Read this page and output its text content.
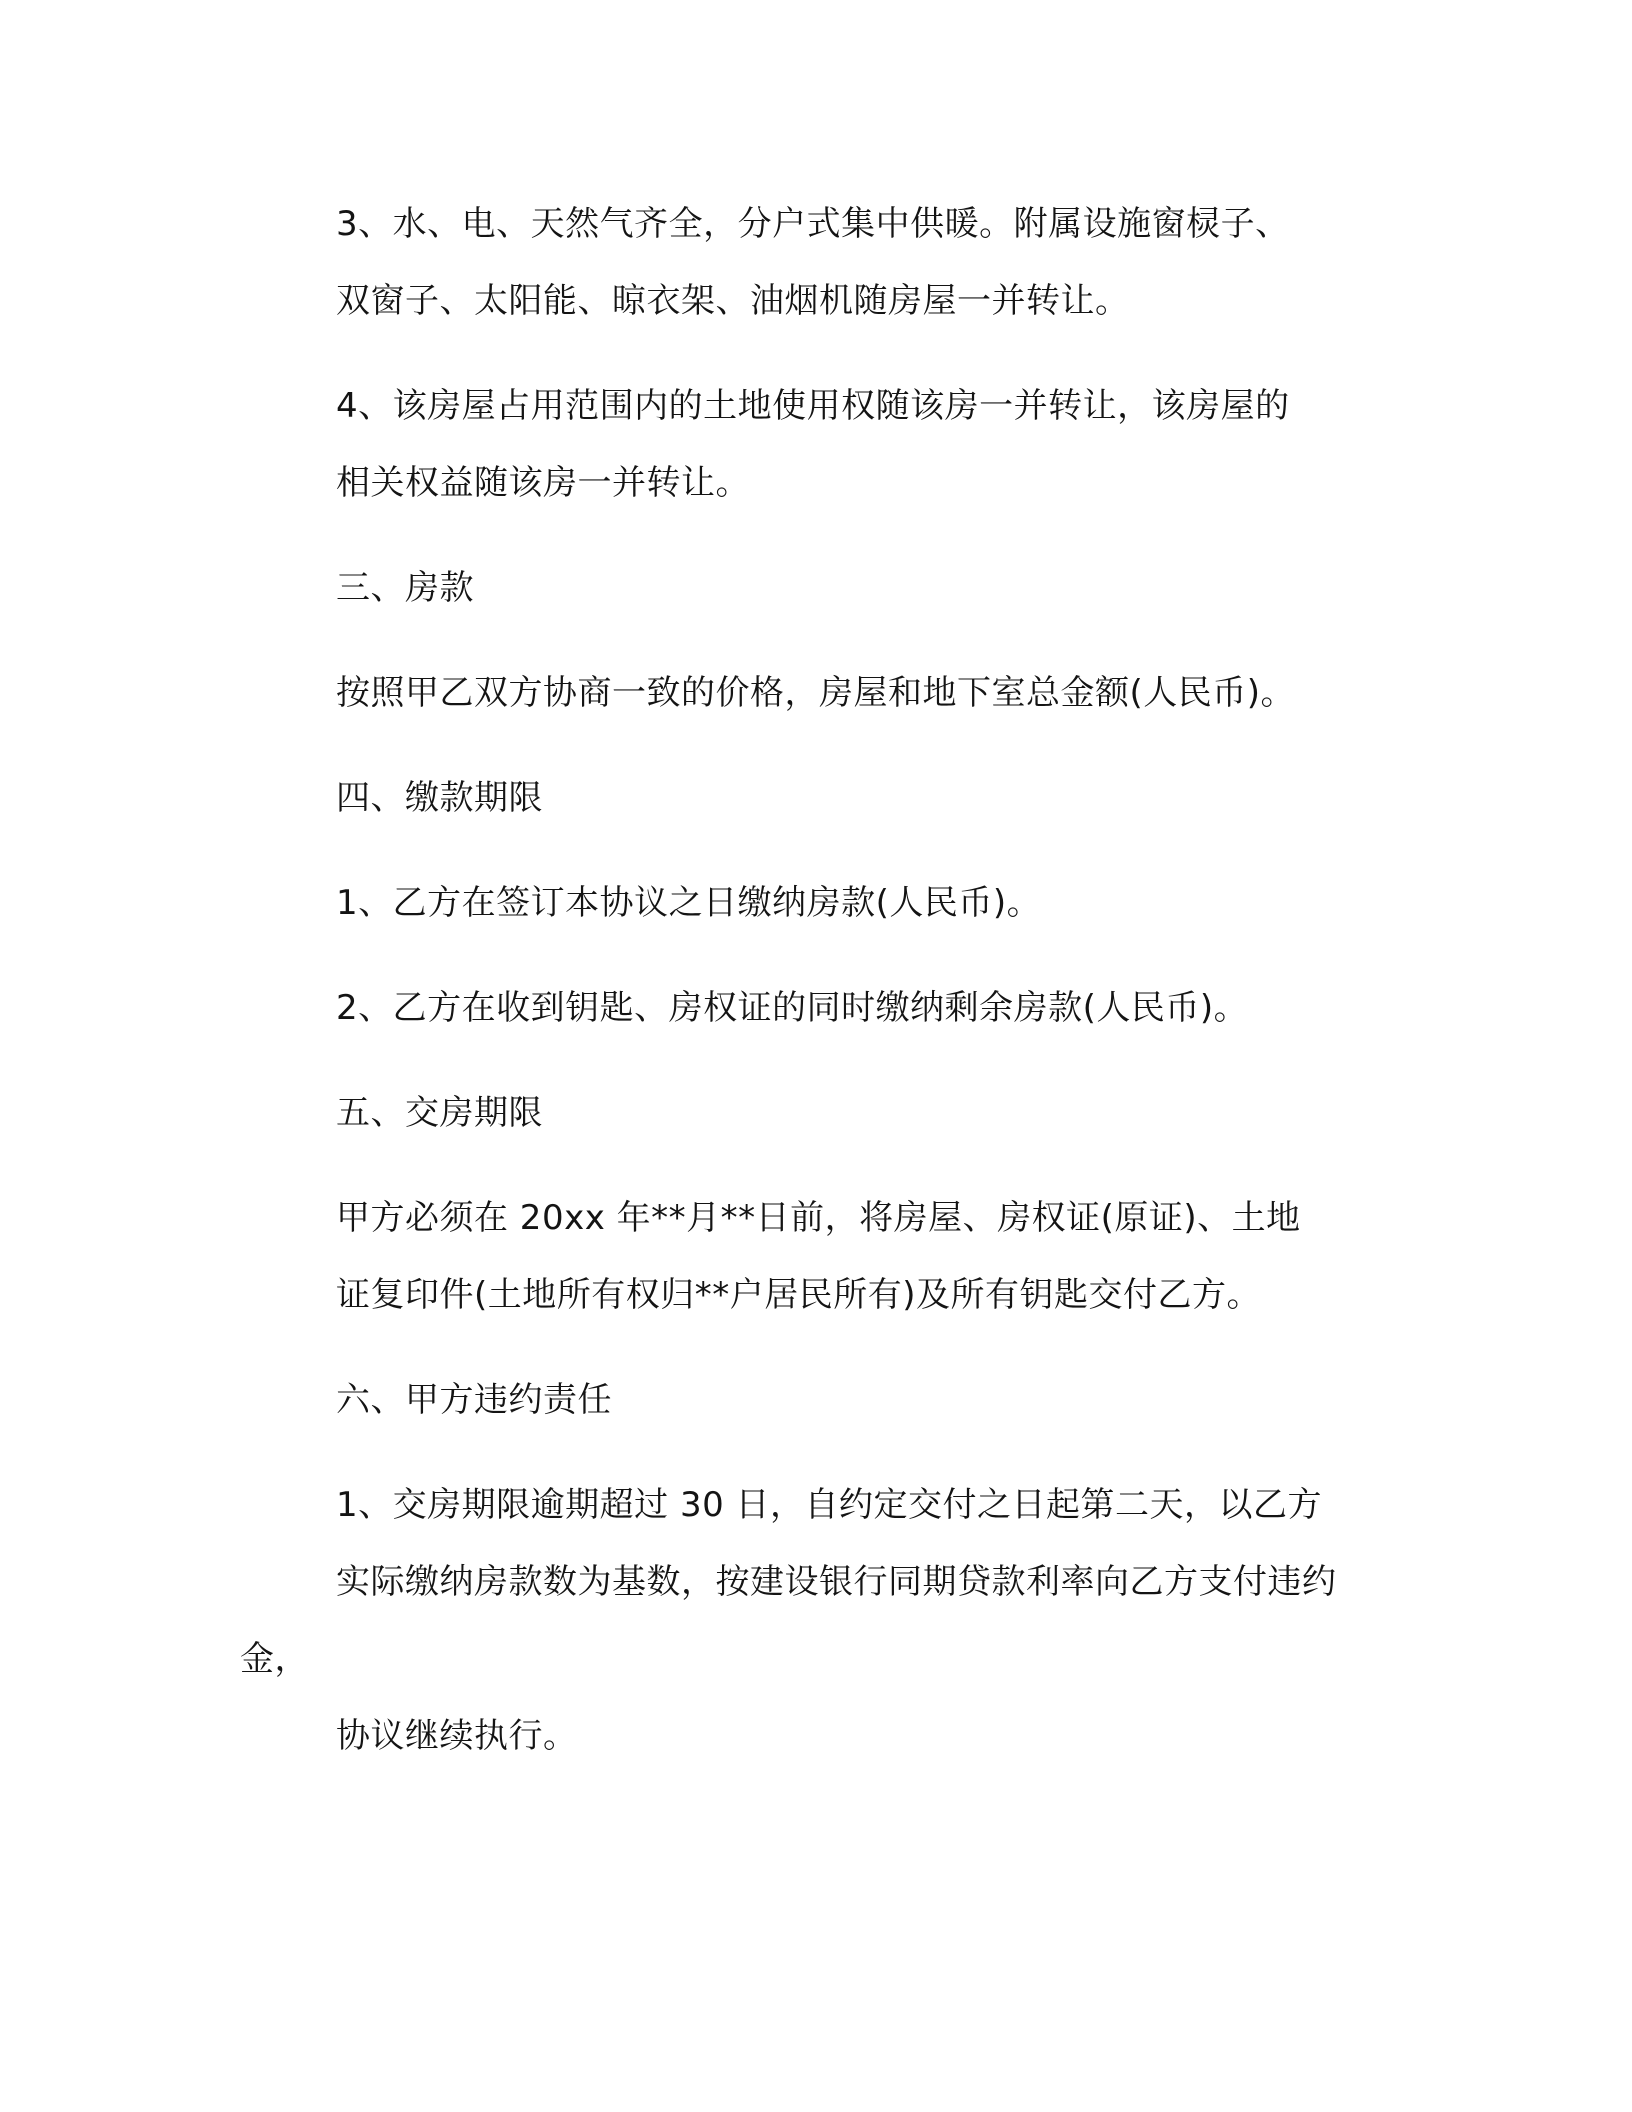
3、水、电、天然气齐全，分户式集中供暖。附属设施窗棂子、
双窗子、太阳能、晾衣架、油烟机随房屋一并转让。

4、该房屋占用范围内的土地使用权随该房一并转让，该房屋的
相关权益随该房一并转让。

三、房款

按照甲乙双方协商一致的价格，房屋和地下室总金额(人民币)。

四、缴款期限

1、乙方在签订本协议之日缴纳房款(人民币)。

2、乙方在收到钥匙、房权证的同时缴纳剩余房款(人民币)。

五、交房期限

甲方必须在 20xx 年**月**日前，将房屋、房权证(原证)、土地
证复印件(土地所有权归**户居民所有)及所有钥匙交付乙方。

六、甲方违约责任

1、交房期限逾期超过 30 日，自约定交付之日起第二天，以乙方
实际缴纳房款数为基数，按建设银行同期贷款利率向乙方支付违约金，
协议继续执行。
